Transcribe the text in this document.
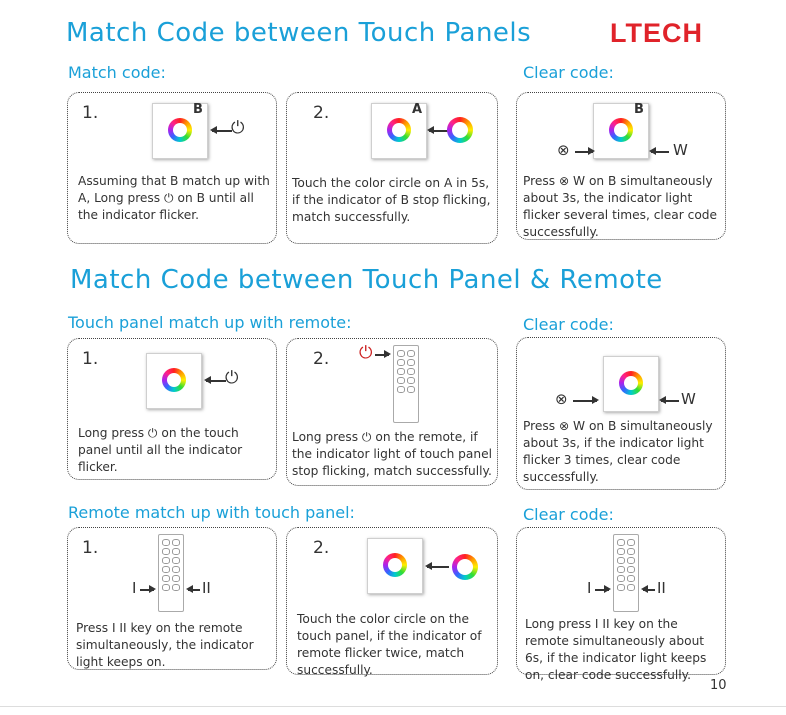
Match Code between Touch Panels	LTECH
Match code:	Clear code:
1.	B
⏻
Assuming that B match up with A, Long press ⏻ on B until all the indicator flicker.
2.	A
Touch the color circle on A in 5s, if the indicator of B stop flicking, match successfully.
B
⊗	W
Press ⊗ W on B simultaneously about 3s, the indicator light flicker several times, clear code successfully.
Match Code between Touch Panel & Remote
Touch panel match up with remote:	Clear code:
1.
⏻
Long press ⏻ on the touch panel until all the indicator flicker.
2. ⏻
Long press ⏻ on the remote, if the indicator light of touch panel stop flicking, match successfully.
⊗	W
Press ⊗ W on B simultaneously about 3s, if the indicator light flicker 3 times, clear code successfully.
Remote match up with touch panel:	Clear code:
1.
I	II
Press I II key on the remote simultaneously, the indicator light keeps on.
2.
Touch the color circle on the touch panel, if the indicator of remote flicker twice, match successfully.
I	II
Long press I II key on the remote simultaneously about 6s, if the indicator light keeps on, clear code successfully.
10
